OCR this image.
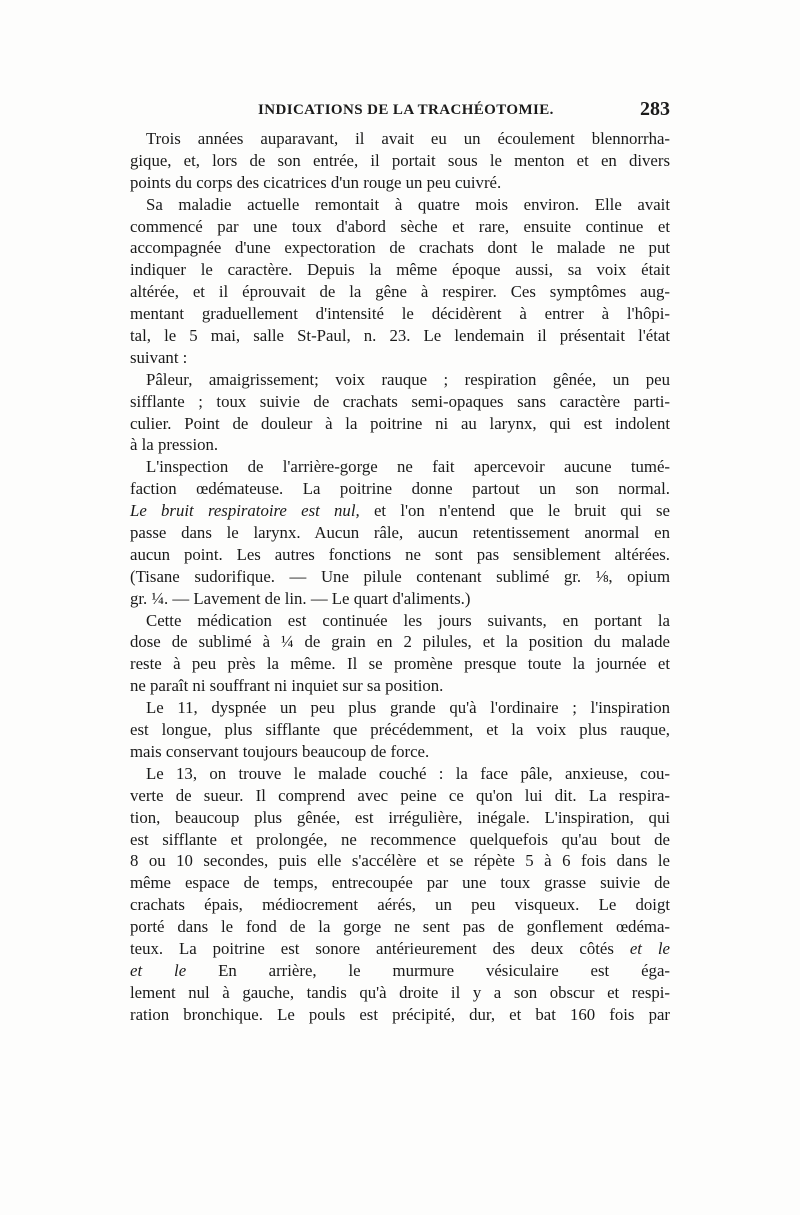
INDICATIONS DE LA TRACHÉOTOMIE.	283
Trois années auparavant, il avait eu un écoulement blennorrha-
gique, et, lors de son entrée, il portait sous le menton et en divers
points du corps des cicatrices d'un rouge un peu cuivré.
Sa maladie actuelle remontait à quatre mois environ. Elle avait
commencé par une toux d'abord sèche et rare, ensuite continue et
accompagnée d'une expectoration de crachats dont le malade ne put
indiquer le caractère. Depuis la même époque aussi, sa voix était
altérée, et il éprouvait de la gêne à respirer. Ces symptômes aug-
mentant graduellement d'intensité le décidèrent à entrer à l'hôpi-
tal, le 5 mai, salle St-Paul, n. 23. Le lendemain il présentait l'état
suivant :
Pâleur, amaigrissement; voix rauque ; respiration gênée, un peu
sifflante ; toux suivie de crachats semi-opaques sans caractère parti-
culier. Point de douleur à la poitrine ni au larynx, qui est indolent
à la pression.
L'inspection de l'arrière-gorge ne fait apercevoir aucune tumé-
faction œdémateuse. La poitrine donne partout un son normal.
Le bruit respiratoire est nul, et l'on n'entend que le bruit qui se
passe dans le larynx. Aucun râle, aucun retentissement anormal en
aucun point. Les autres fonctions ne sont pas sensiblement altérées.
(Tisane sudorifique. — Une pilule contenant sublimé gr. ⅛, opium
gr. ¼. — Lavement de lin. — Le quart d'aliments.)
Cette médication est continuée les jours suivants, en portant la
dose de sublimé à ¼ de grain en 2 pilules, et la position du malade
reste à peu près la même. Il se promène presque toute la journée et
ne paraît ni souffrant ni inquiet sur sa position.
Le 11, dyspnée un peu plus grande qu'à l'ordinaire ; l'inspiration
est longue, plus sifflante que précédemment, et la voix plus rauque,
mais conservant toujours beaucoup de force.
Le 13, on trouve le malade couché : la face pâle, anxieuse, cou-
verte de sueur. Il comprend avec peine ce qu'on lui dit. La respira-
tion, beaucoup plus gênée, est irrégulière, inégale. L'inspiration, qui
est sifflante et prolongée, ne recommence quelquefois qu'au bout de
8 ou 10 secondes, puis elle s'accélère et se répète 5 à 6 fois dans le
même espace de temps, entrecoupée par une toux grasse suivie de
crachats épais, médiocrement aérés, un peu visqueux. Le doigt
porté dans le fond de la gorge ne sent pas de gonflement œdéma-
teux. La poitrine est sonore antérieurement des deux côtés et le
et le En arrière, le murmure vésiculaire est éga-
lement nul à gauche, tandis qu'à droite il y a son obscur et respi-
ration bronchique. Le pouls est précipité, dur, et bat 160 fois par
